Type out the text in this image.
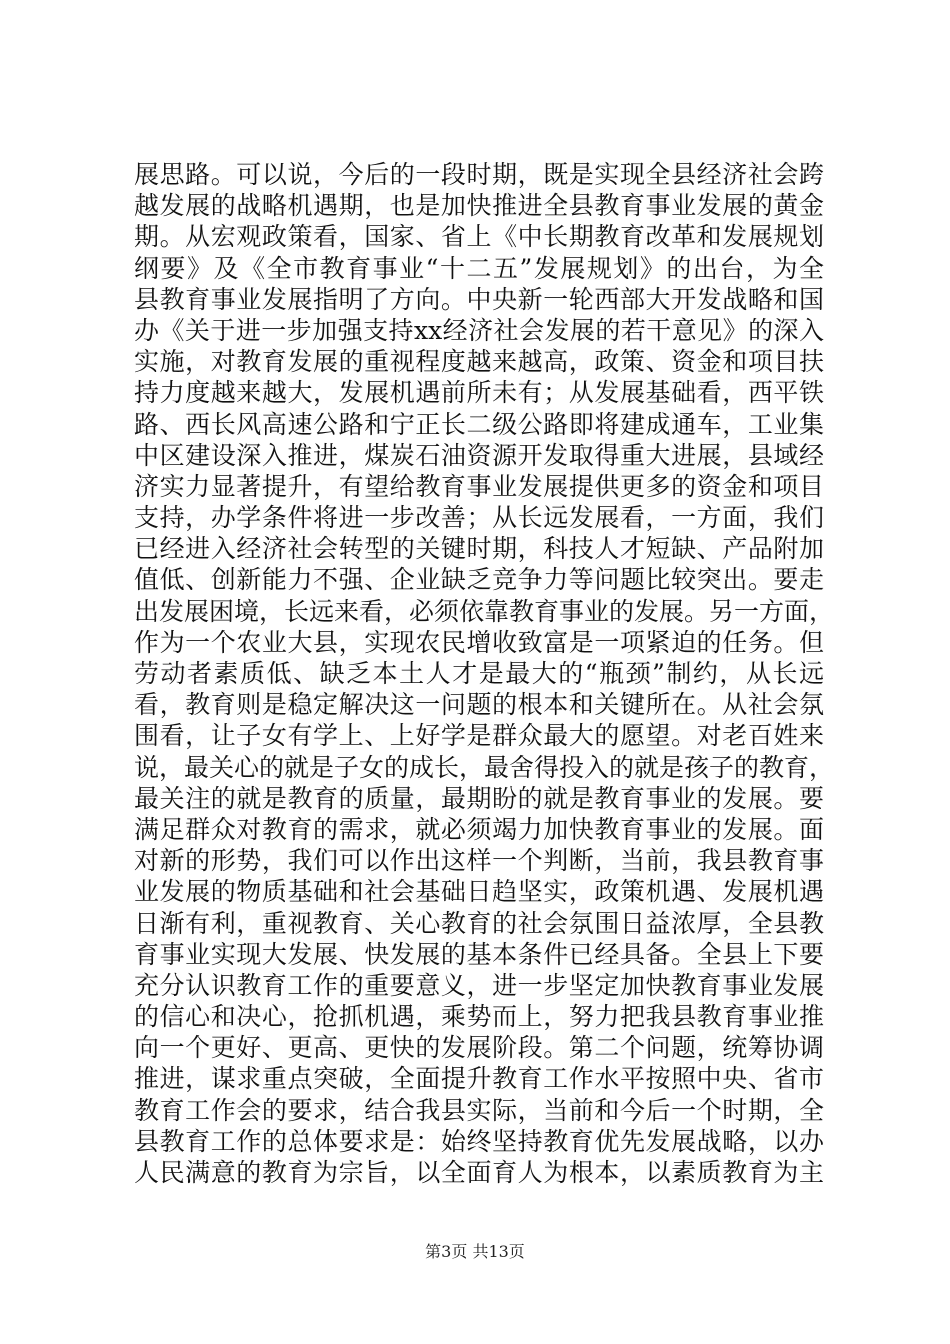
展思路。可以说，今后的一段时期，既是实现全县经济社会跨
越发展的战略机遇期，也是加快推进全县教育事业发展的黄金
期。从宏观政策看，国家、省上《中长期教育改革和发展规划
纲要》及《全市教育事业“十二五”发展规划》的出台，为全
县教育事业发展指明了方向。中央新一轮西部大开发战略和国
办《关于进一步加强支持xx经济社会发展的若干意见》的深入
实施，对教育发展的重视程度越来越高，政策、资金和项目扶
持力度越来越大，发展机遇前所未有；从发展基础看，西平铁
路、西长风高速公路和宁正长二级公路即将建成通车，工业集
中区建设深入推进，煤炭石油资源开发取得重大进展，县域经
济实力显著提升，有望给教育事业发展提供更多的资金和项目
支持，办学条件将进一步改善；从长远发展看，一方面，我们
已经进入经济社会转型的关键时期，科技人才短缺、产品附加
值低、创新能力不强、企业缺乏竞争力等问题比较突出。要走
出发展困境，长远来看，必须依靠教育事业的发展。另一方面，
作为一个农业大县，实现农民增收致富是一项紧迫的任务。但
劳动者素质低、缺乏本土人才是最大的“瓶颈”制约，从长远
看，教育则是稳定解决这一问题的根本和关键所在。从社会氛
围看，让子女有学上、上好学是群众最大的愿望。对老百姓来
说，最关心的就是子女的成长，最舍得投入的就是孩子的教育，
最关注的就是教育的质量，最期盼的就是教育事业的发展。要
满足群众对教育的需求，就必须竭力加快教育事业的发展。面
对新的形势，我们可以作出这样一个判断，当前，我县教育事
业发展的物质基础和社会基础日趋坚实，政策机遇、发展机遇
日渐有利，重视教育、关心教育的社会氛围日益浓厚，全县教
育事业实现大发展、快发展的基本条件已经具备。全县上下要
充分认识教育工作的重要意义，进一步坚定加快教育事业发展
的信心和决心，抢抓机遇，乘势而上，努力把我县教育事业推
向一个更好、更高、更快的发展阶段。第二个问题，统筹协调
推进，谋求重点突破，全面提升教育工作水平按照中央、省市
教育工作会的要求，结合我县实际，当前和今后一个时期，全
县教育工作的总体要求是：始终坚持教育优先发展战略，以办
人民满意的教育为宗旨，以全面育人为根本，以素质教育为主
第3页 共13页
